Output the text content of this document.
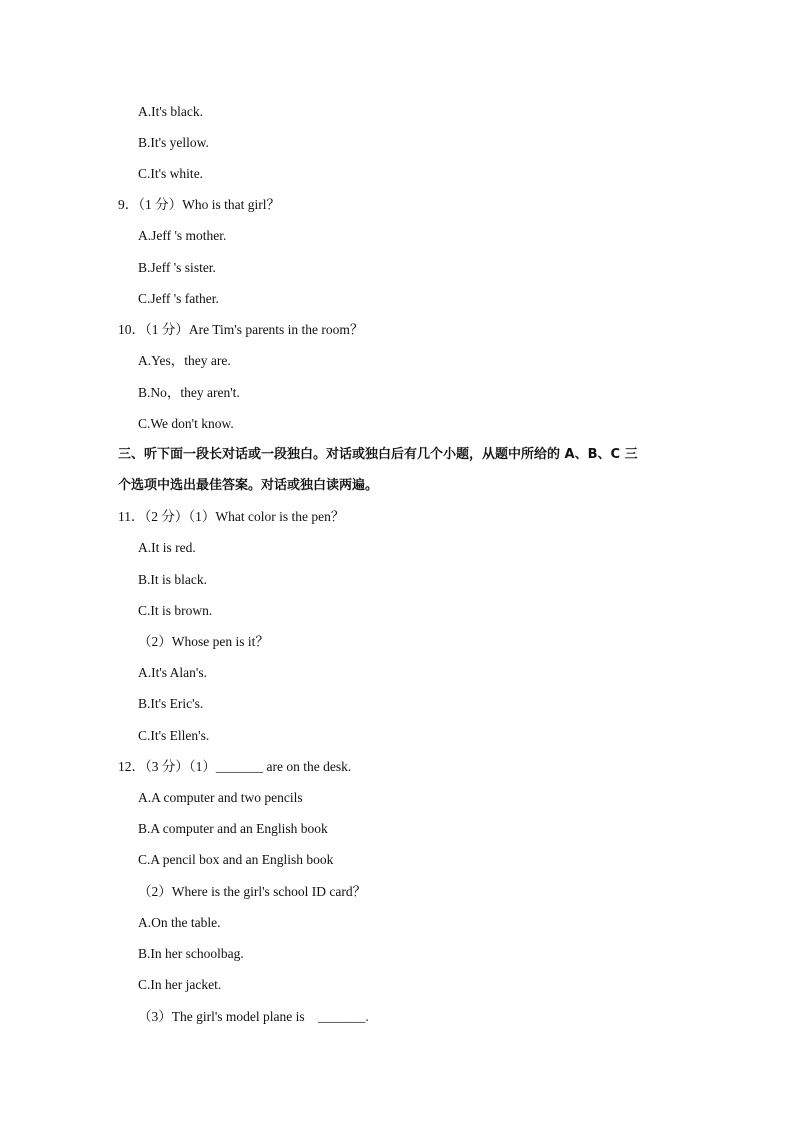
A.It's black.
B.It's yellow.
C.It's white.
9．（1 分）Who is that girl？
A.Jeff 's mother.
B.Jeff 's sister.
C.Jeff 's father.
10．（1 分）Are Tim's parents in the room？
A.Yes，they are.
B.No，they aren't.
C.We don't know.
三、听下面一段长对话或一段独白。对话或独白后有几个小题，从题中所给的 A、B、C 三
个选项中选出最佳答案。对话或独白读两遍。
11．（2 分）（1）What color is the pen？
A.It is red.
B.It is black.
C.It is brown.
（2）Whose pen is it？
A.It's Alan's.
B.It's Eric's.
C.It's Ellen's.
12．（3 分）（1）_______ are on the desk.
A.A computer and two pencils
B.A computer and an English book
C.A pencil box and an English book
（2）Where is the girl's school ID card？
A.On the table.
B.In her schoolbag.
C.In her jacket.
（3）The girl's model plane is    _______.
